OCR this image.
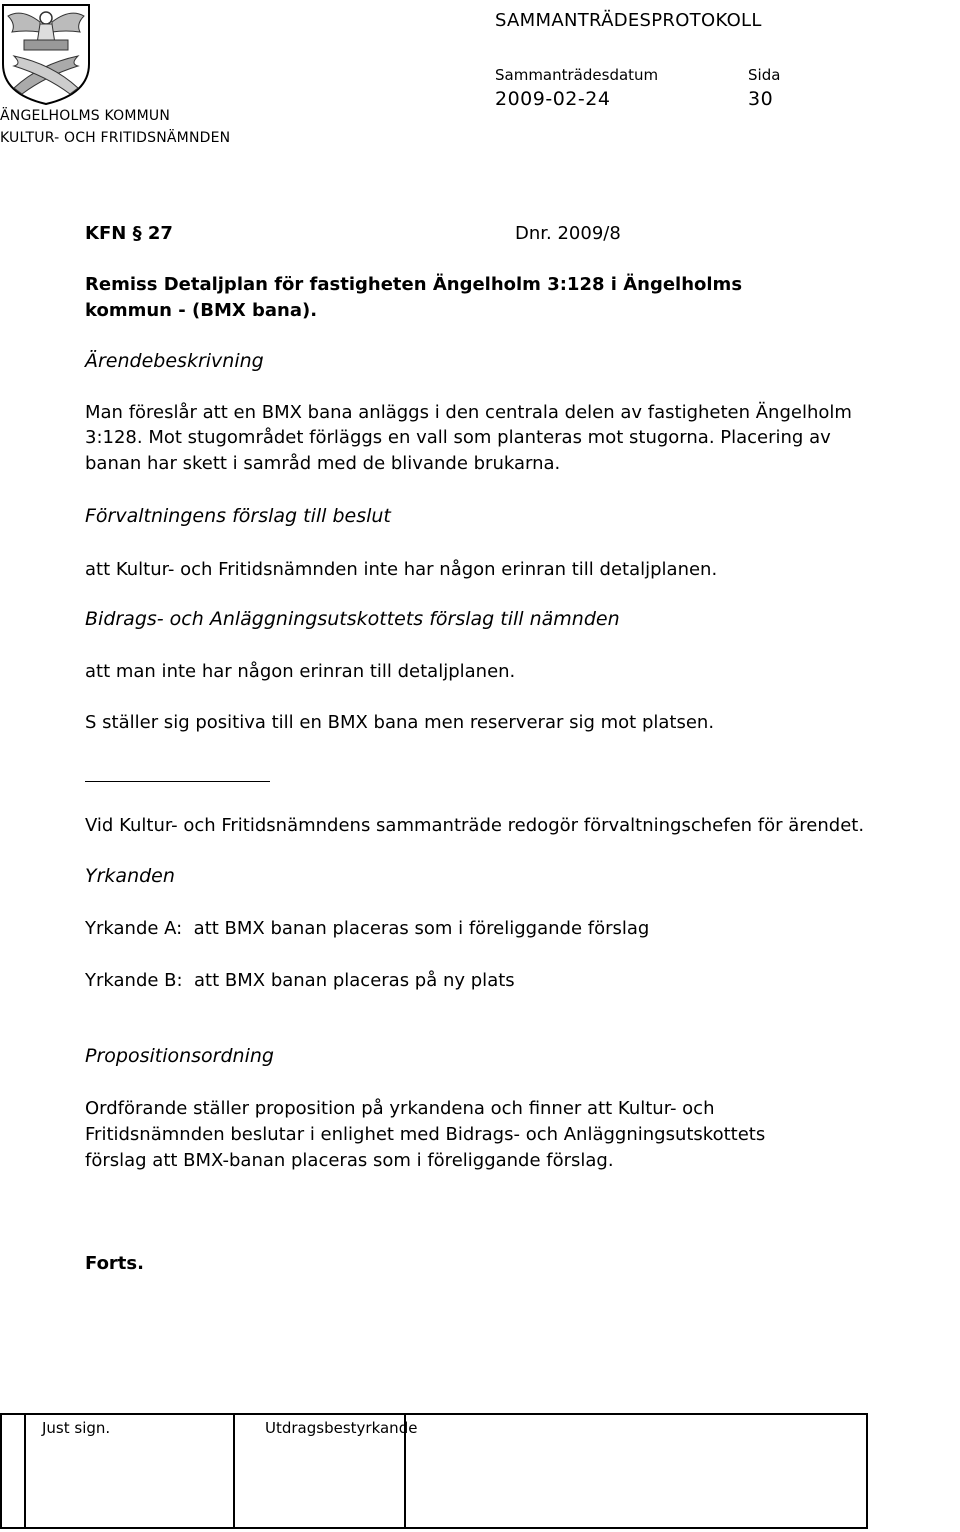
ÄNGELHOLMS KOMMUN
KULTUR- OCH FRITIDSNÄMNDEN
SAMMANTRÄDESPROTOKOLL
Sammanträdesdatum	Sida
2009-02-24	30
KFN § 27	Dnr. 2009/8
Remiss Detaljplan för fastigheten Ängelholm 3:128 i Ängelholms
kommun - (BMX bana).
Ärendebeskrivning
Man föreslår att en BMX bana anläggs i den centrala delen av fastigheten Ängelholm
3:128. Mot stugområdet förläggs en vall som planteras mot stugorna. Placering av
banan har skett i samråd med de blivande brukarna.
Förvaltningens förslag till beslut
att Kultur- och Fritidsnämnden inte har någon erinran till detaljplanen.
Bidrags- och Anläggningsutskottets förslag till nämnden
att man inte har någon erinran till detaljplanen.
S ställer sig positiva till en BMX bana men reserverar sig mot platsen.
Vid Kultur- och Fritidsnämndens sammanträde redogör förvaltningschefen för ärendet.
Yrkanden
Yrkande A:  att BMX banan placeras som i föreliggande förslag
Yrkande B:  att BMX banan placeras på ny plats
Propositionsordning
Ordförande ställer proposition på yrkandena och finner att Kultur- och
Fritidsnämnden beslutar i enlighet med Bidrags- och Anläggningsutskottets
förslag att BMX-banan placeras som i föreliggande förslag.
Forts.
Just sign.	Utdragsbestyrkande
